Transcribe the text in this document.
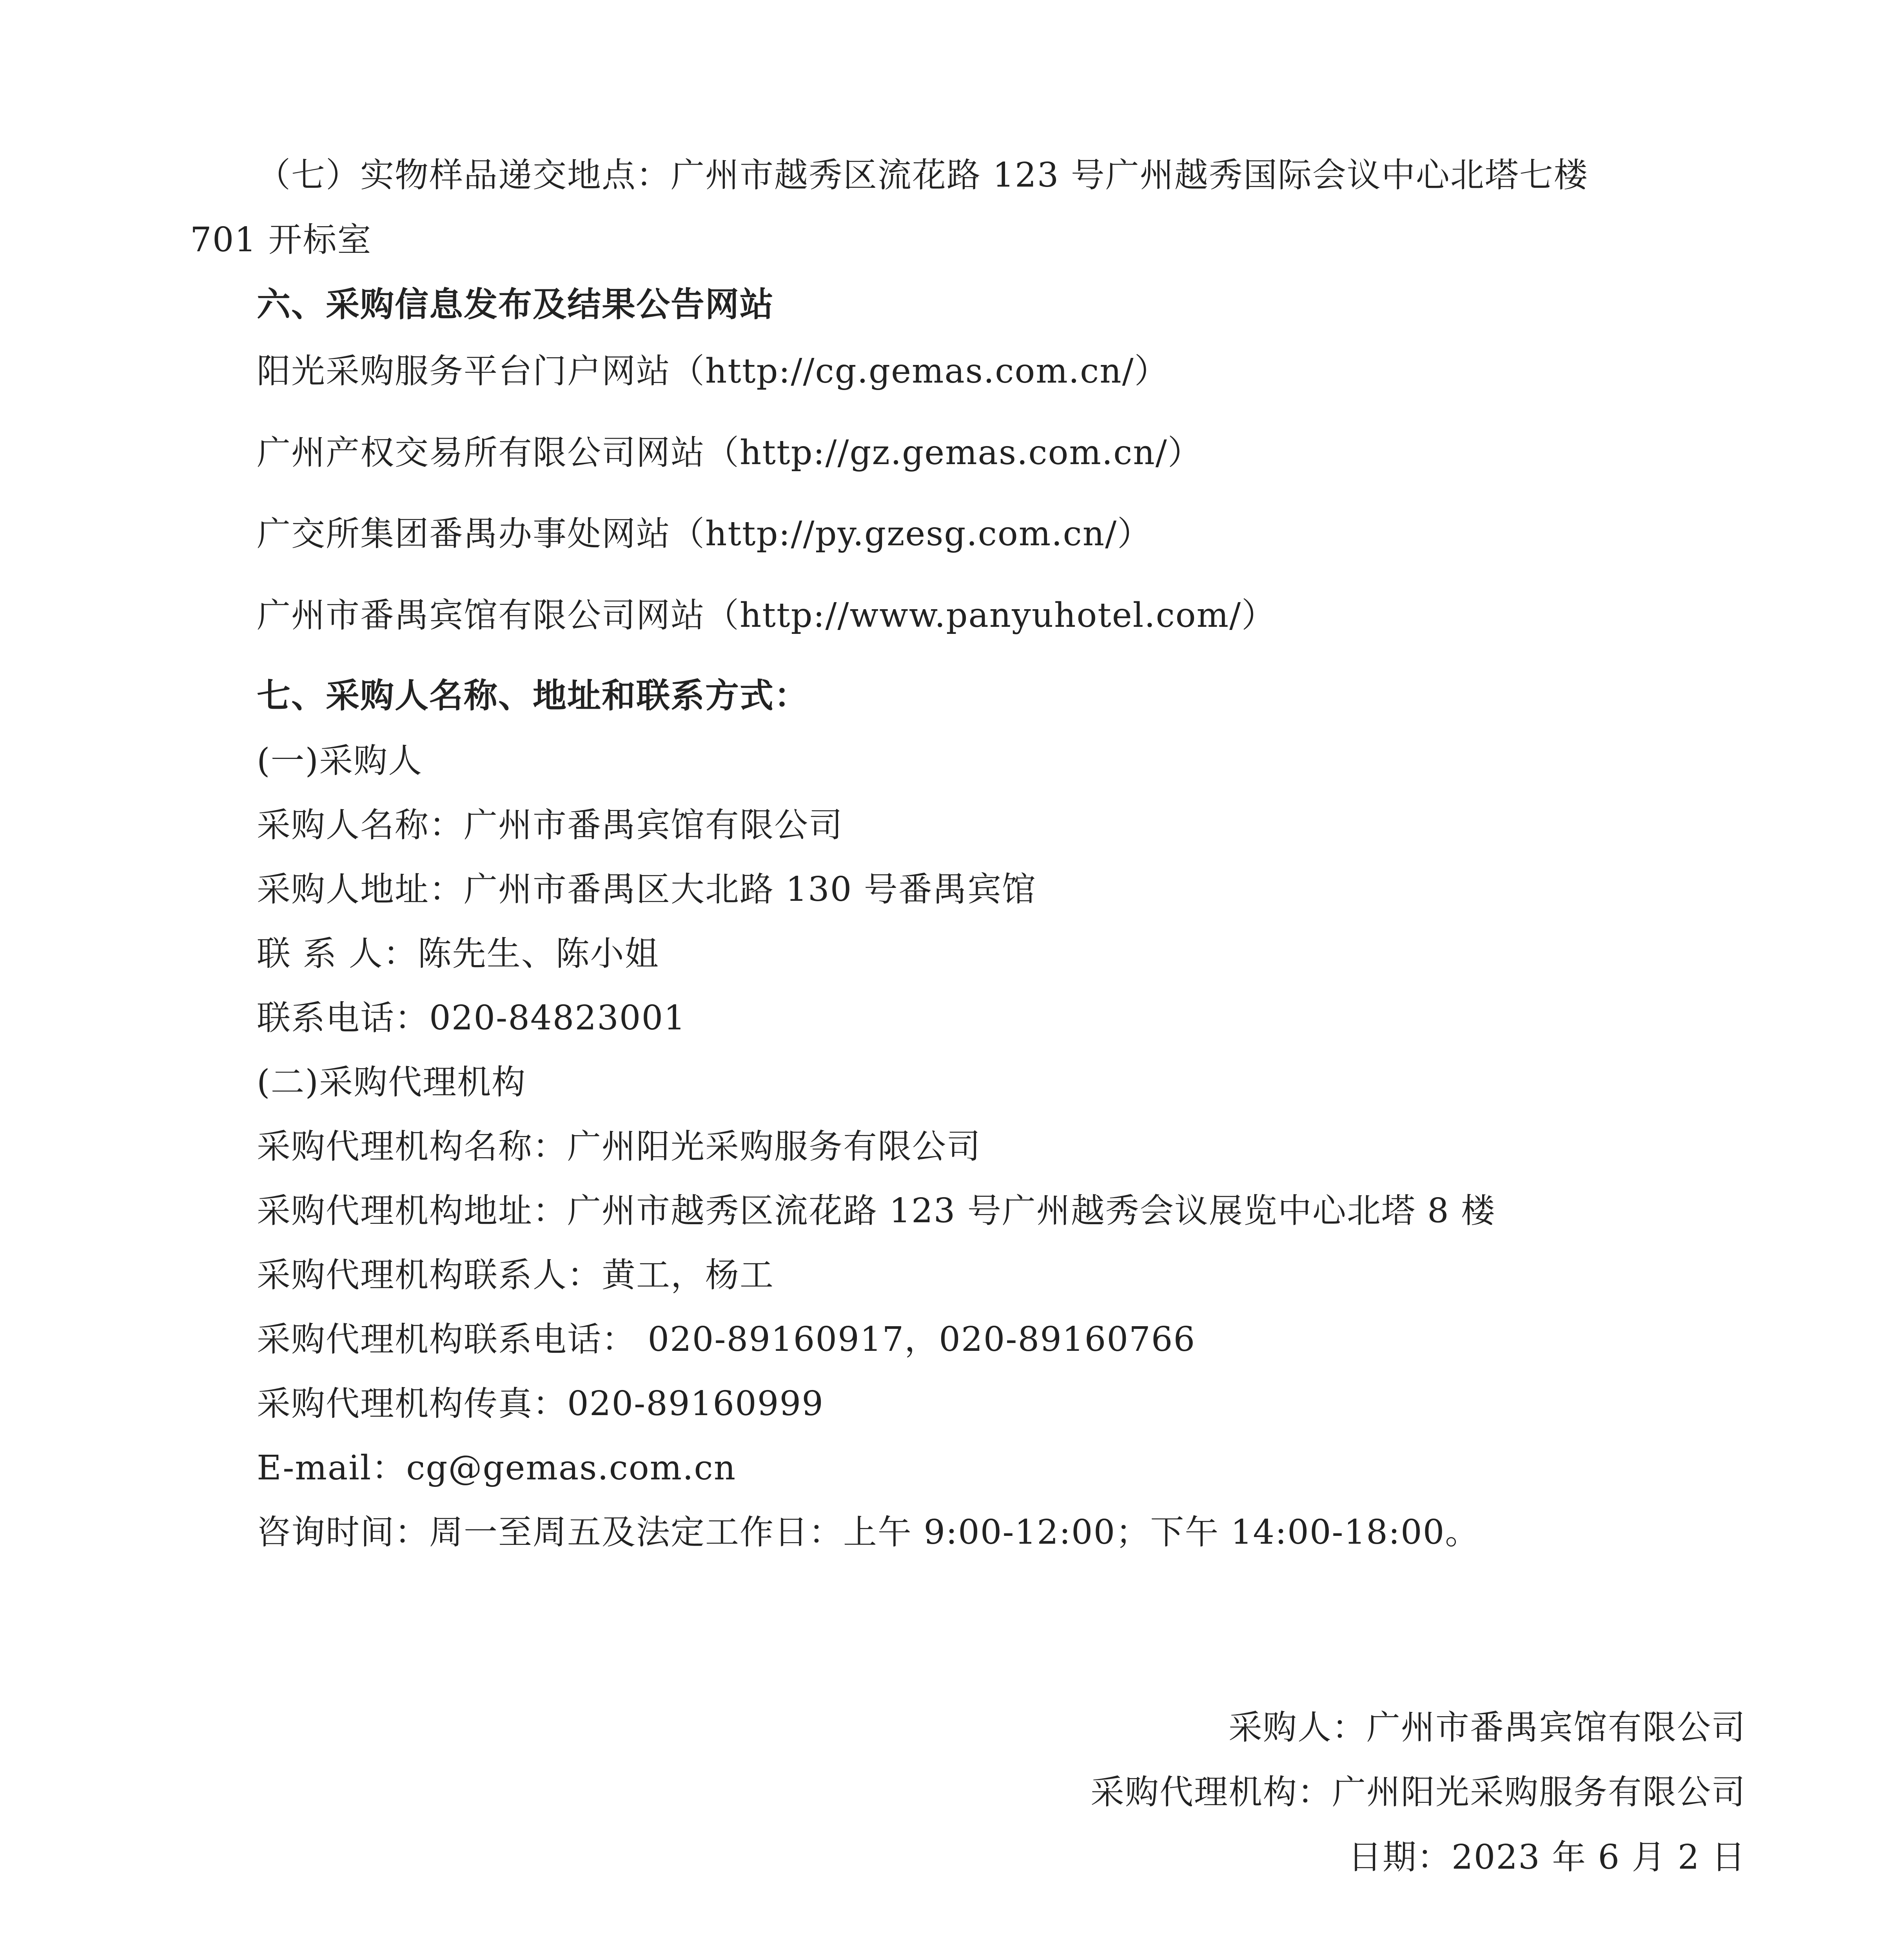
（七）实物样品递交地点：广州市越秀区流花路 123 号广州越秀国际会议中心北塔七楼
701 开标室
六、采购信息发布及结果公告网站
阳光采购服务平台门户网站（http://cg.gemas.com.cn/）
广州产权交易所有限公司网站（http://gz.gemas.com.cn/）
广交所集团番禺办事处网站（http://py.gzesg.com.cn/）
广州市番禺宾馆有限公司网站（http://www.panyuhotel.com/）
七、采购人名称、地址和联系方式：
(一)采购人
采购人名称：广州市番禺宾馆有限公司
采购人地址：广州市番禺区大北路 130 号番禺宾馆
联 系 人：陈先生、陈小姐
联系电话：020-84823001
(二)采购代理机构
采购代理机构名称：广州阳光采购服务有限公司
采购代理机构地址：广州市越秀区流花路 123 号广州越秀会议展览中心北塔 8 楼
采购代理机构联系人：黄工，杨工
采购代理机构联系电话： 020-89160917，020-89160766
采购代理机构传真：020-89160999
E-mail：cg@gemas.com.cn
咨询时间：周一至周五及法定工作日：上午 9:00-12:00；下午 14:00-18:00。
采购人：广州市番禺宾馆有限公司
采购代理机构：广州阳光采购服务有限公司
日期：2023 年 6 月 2 日
